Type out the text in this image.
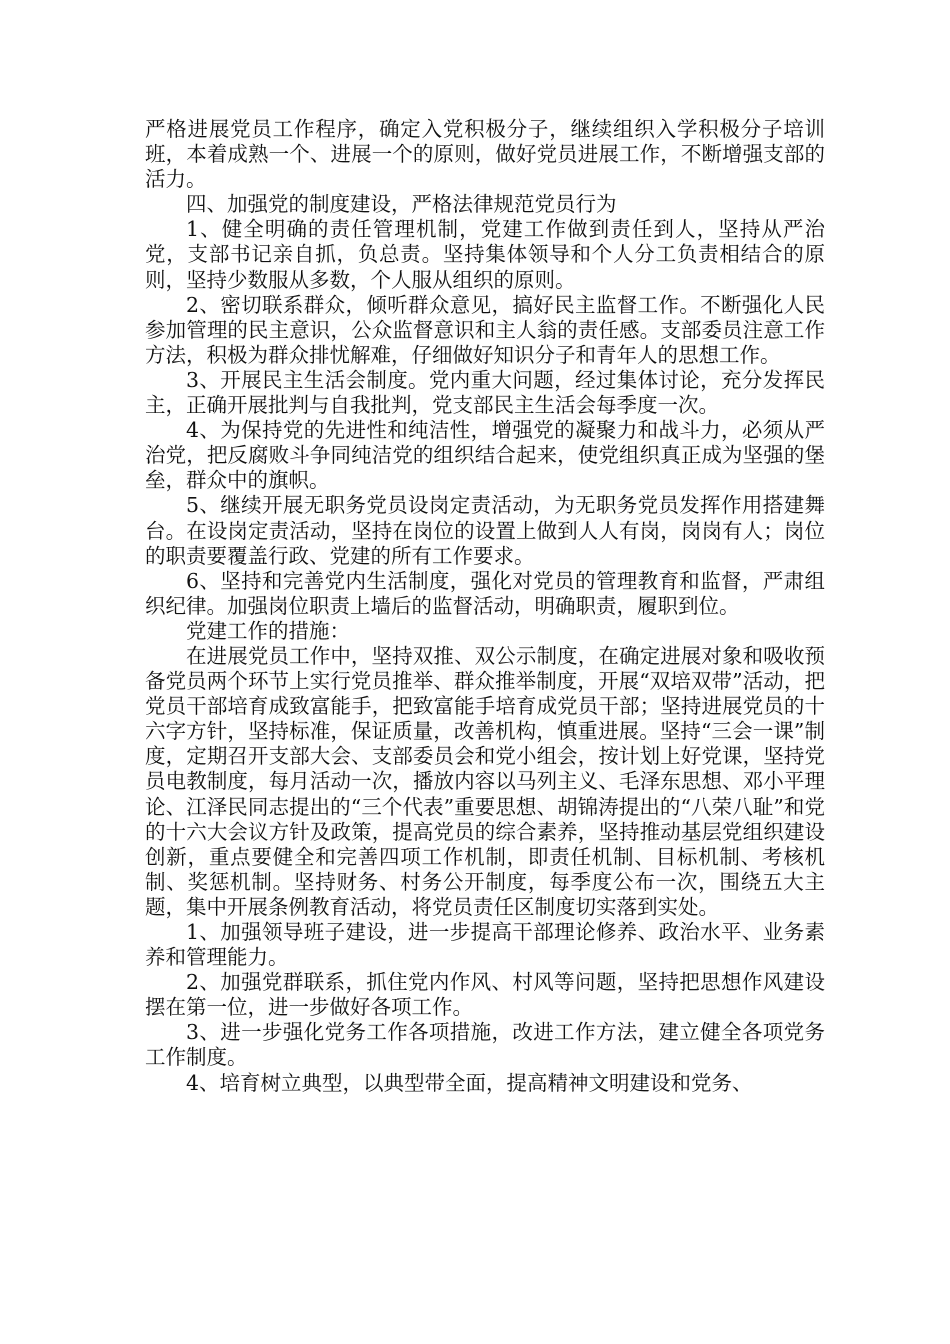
严格进展党员工作程序，确定入党积极分子，继续组织入学积极分子培训班，本着成熟一个、进展一个的原则，做好党员进展工作，不断增强支部的活力。

四、加强党的制度建设，严格法律规范党员行为

1、健全明确的责任管理机制，党建工作做到责任到人，坚持从严治党，支部书记亲自抓，负总责。坚持集体领导和个人分工负责相结合的原则，坚持少数服从多数，个人服从组织的原则。

2、密切联系群众，倾听群众意见，搞好民主监督工作。不断强化人民参加管理的民主意识，公众监督意识和主人翁的责任感。支部委员注意工作方法，积极为群众排忧解难，仔细做好知识分子和青年人的思想工作。

3、开展民主生活会制度。党内重大问题，经过集体讨论，充分发挥民主，正确开展批判与自我批判，党支部民主生活会每季度一次。

4、为保持党的先进性和纯洁性，增强党的凝聚力和战斗力，必须从严治党，把反腐败斗争同纯洁党的组织结合起来，使党组织真正成为坚强的堡垒，群众中的旗帜。

5、继续开展无职务党员设岗定责活动，为无职务党员发挥作用搭建舞台。在设岗定责活动，坚持在岗位的设置上做到人人有岗，岗岗有人；岗位的职责要覆盖行政、党建的所有工作要求。

6、坚持和完善党内生活制度，强化对党员的管理教育和监督，严肃组织纪律。加强岗位职责上墙后的监督活动，明确职责，履职到位。

党建工作的措施：

在进展党员工作中，坚持双推、双公示制度，在确定进展对象和吸收预备党员两个环节上实行党员推举、群众推举制度，开展“双培双带”活动，把党员干部培育成致富能手，把致富能手培育成党员干部；坚持进展党员的十六字方针，坚持标准，保证质量，改善机构，慎重进展。坚持“三会一课”制度，定期召开支部大会、支部委员会和党小组会，按计划上好党课，坚持党员电教制度，每月活动一次，播放内容以马列主义、毛泽东思想、邓小平理论、江泽民同志提出的“三个代表”重要思想、胡锦涛提出的“八荣八耻”和党的十六大会议方针及政策，提高党员的综合素养，坚持推动基层党组织建设创新，重点要健全和完善四项工作机制，即责任机制、目标机制、考核机制、奖惩机制。坚持财务、村务公开制度，每季度公布一次，围绕五大主题，集中开展条例教育活动，将党员责任区制度切实落到实处。

1、加强领导班子建设，进一步提高干部理论修养、政治水平、业务素养和管理能力。

2、加强党群联系，抓住党内作风、村风等问题，坚持把思想作风建设摆在第一位，进一步做好各项工作。

3、进一步强化党务工作各项措施，改进工作方法，建立健全各项党务工作制度。

4、培育树立典型，以典型带全面，提高精神文明建设和党务、
